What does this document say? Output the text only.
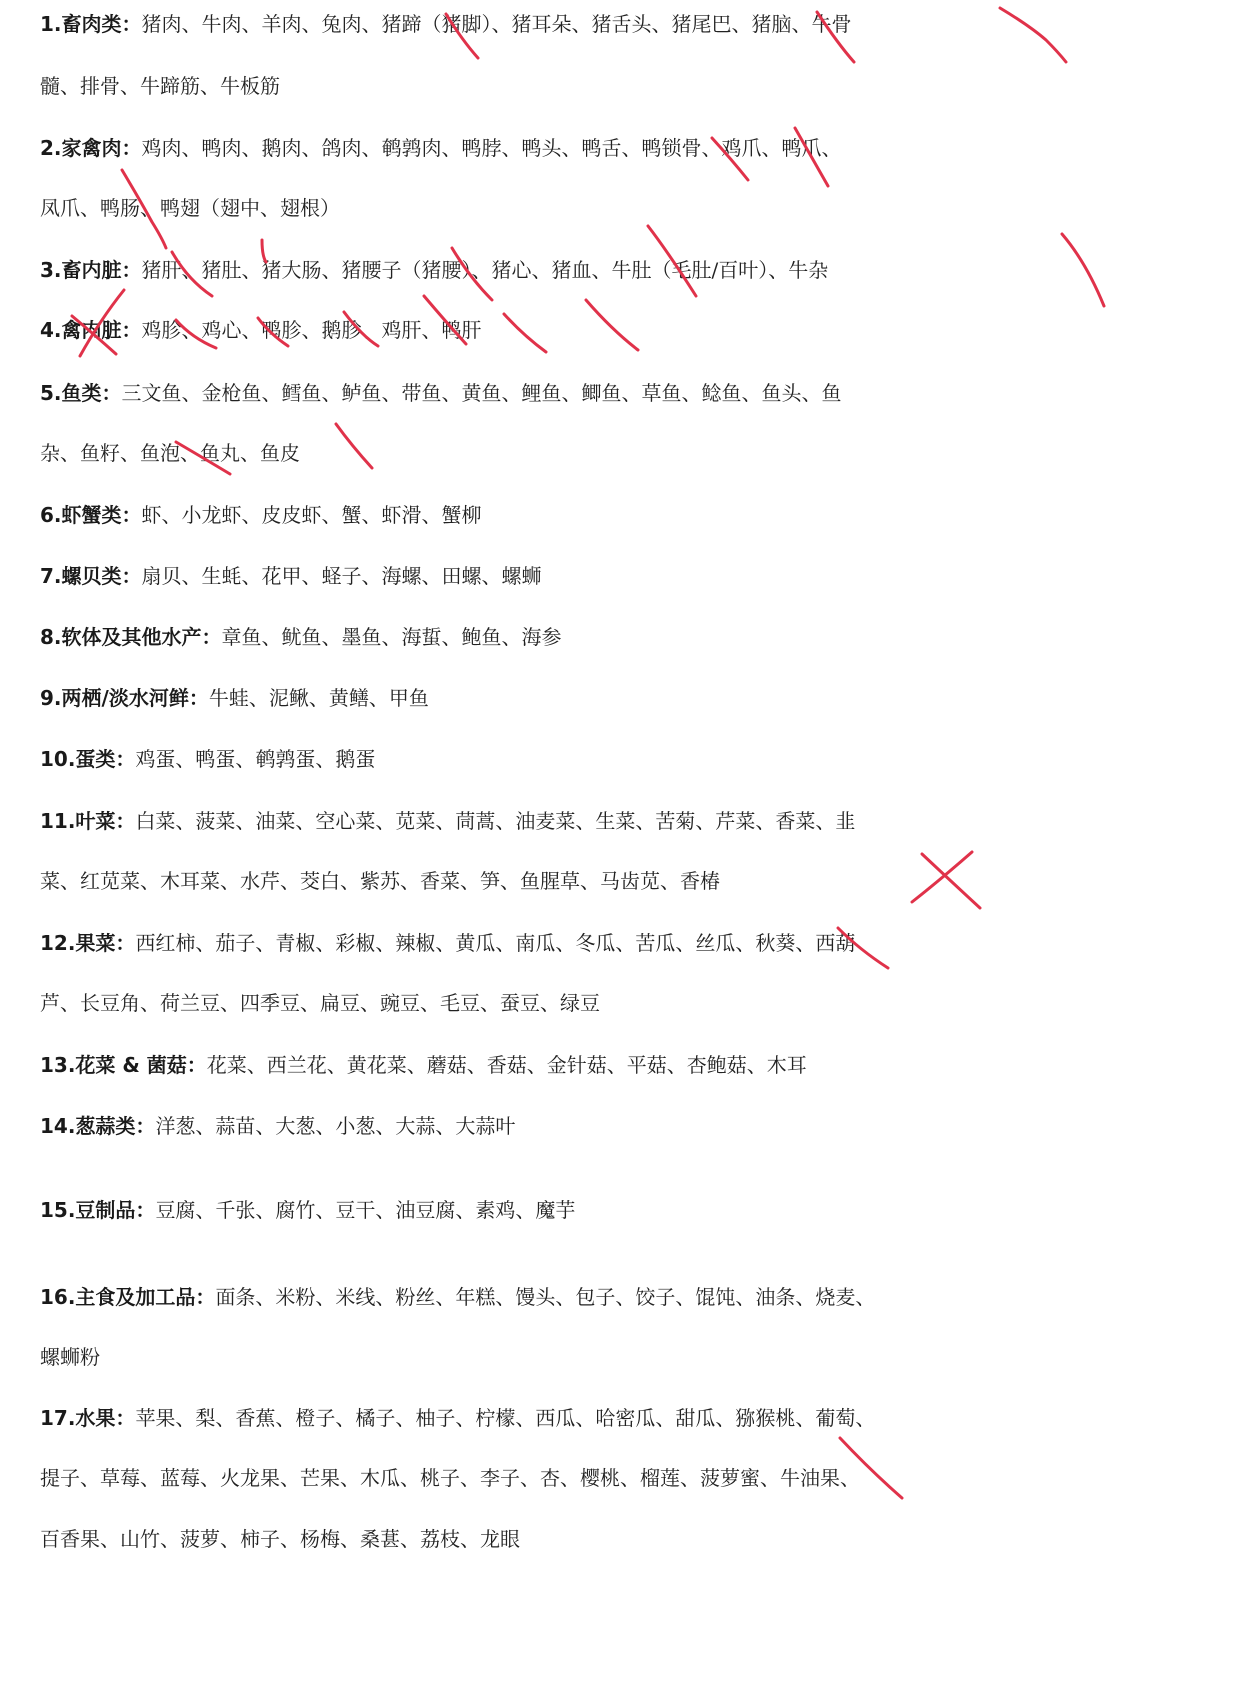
1.畜肉类：猪肉、牛肉、羊肉、兔肉、猪蹄（猪脚）、猪耳朵、猪舌头、猪尾巴、猪脑、牛骨
髓、排骨、牛蹄筋、牛板筋
2.家禽肉：鸡肉、鸭肉、鹅肉、鸽肉、鹌鹑肉、鸭脖、鸭头、鸭舌、鸭锁骨、鸡爪、鸭爪、
凤爪、鸭肠、鸭翅（翅中、翅根）
3.畜内脏：猪肝、猪肚、猪大肠、猪腰子（猪腰）、猪心、猪血、牛肚（毛肚/百叶）、牛杂
4.禽内脏：鸡胗、鸡心、鸭胗、鹅胗、鸡肝、鸭肝
5.鱼类：三文鱼、金枪鱼、鳕鱼、鲈鱼、带鱼、黄鱼、鲤鱼、鲫鱼、草鱼、鲶鱼、鱼头、鱼
杂、鱼籽、鱼泡、鱼丸、鱼皮
6.虾蟹类：虾、小龙虾、皮皮虾、蟹、虾滑、蟹柳
7.螺贝类：扇贝、生蚝、花甲、蛏子、海螺、田螺、螺蛳
8.软体及其他水产：章鱼、鱿鱼、墨鱼、海蜇、鲍鱼、海参
9.两栖/淡水河鲜：牛蛙、泥鳅、黄鳝、甲鱼
10.蛋类：鸡蛋、鸭蛋、鹌鹑蛋、鹅蛋
11.叶菜：白菜、菠菜、油菜、空心菜、苋菜、茼蒿、油麦菜、生菜、苦菊、芹菜、香菜、韭
菜、红苋菜、木耳菜、水芹、茭白、紫苏、香菜、笋、鱼腥草、马齿苋、香椿
12.果菜：西红柿、茄子、青椒、彩椒、辣椒、黄瓜、南瓜、冬瓜、苦瓜、丝瓜、秋葵、西葫
芦、长豆角、荷兰豆、四季豆、扁豆、豌豆、毛豆、蚕豆、绿豆
13.花菜 & 菌菇：花菜、西兰花、黄花菜、蘑菇、香菇、金针菇、平菇、杏鲍菇、木耳
14.葱蒜类：洋葱、蒜苗、大葱、小葱、大蒜、大蒜叶
15.豆制品：豆腐、千张、腐竹、豆干、油豆腐、素鸡、魔芋
16.主食及加工品：面条、米粉、米线、粉丝、年糕、馒头、包子、饺子、馄饨、油条、烧麦、
螺蛳粉
17.水果：苹果、梨、香蕉、橙子、橘子、柚子、柠檬、西瓜、哈密瓜、甜瓜、猕猴桃、葡萄、
提子、草莓、蓝莓、火龙果、芒果、木瓜、桃子、李子、杏、樱桃、榴莲、菠萝蜜、牛油果、
百香果、山竹、菠萝、柿子、杨梅、桑葚、荔枝、龙眼
